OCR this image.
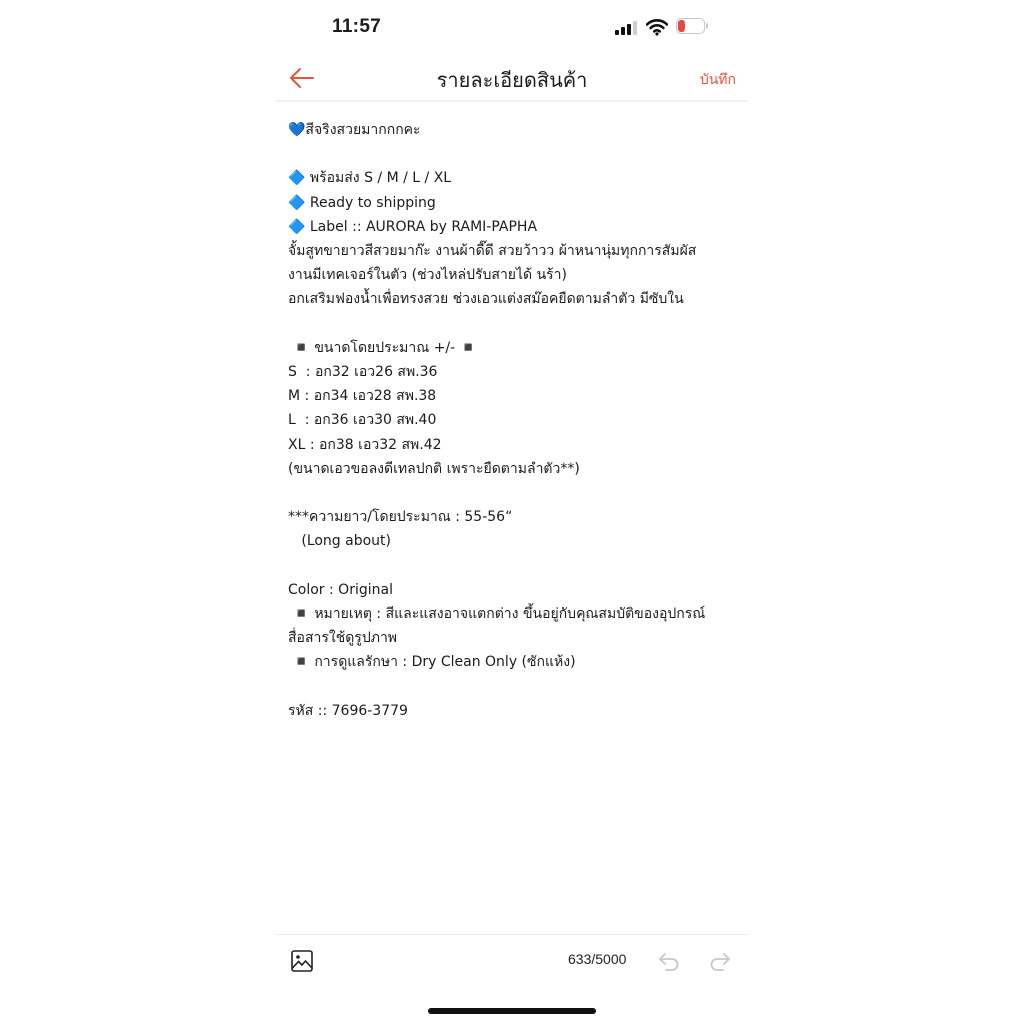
11:57	15
รายละเอียดสินค้า	บันทึก
💙สีจริงสวยมากกกคะ
🔷 พร้อมส่ง S / M / L / XL
🔷 Ready to shipping
🔷 Label :: AURORA by RAMI-PAPHA
จั้มสูทขายาวสีสวยมาก๊ะ งานผ้าดี๊ดี สวยว้าวว ผ้าหนานุ่มทุกการสัมผัส
งานมีเทคเจอร์ในตัว (ช่วงไหล่ปรับสายได้ นร้า)
อกเสริมฟองน้ำเพื่อทรงสวย ช่วงเอวแต่งสม๊อคยืดตามลำตัว มีซับใน
◾️ ขนาดโดยประมาณ +/- ◾️
S  : อก32 เอว26 สพ.36
M : อก34 เอว28 สพ.38
L  : อก36 เอว30 สพ.40
XL : อก38 เอว32 สพ.42
(ขนาดเอวขอลงดีเทลปกติ เพราะยืดตามลำตัว**)
***ความยาว/โดยประมาณ : 55-56“
(Long about)
Color : Original
◾️ หมายเหตุ : สีและแสงอาจแตกต่าง ขึ้นอยู่กับคุณสมบัติของอุปกรณ์
สื่อสารใช้ดูรูปภาพ
◾️ การดูแลรักษา : Dry Clean Only (ซักแห้ง)
รหัส :: 7696-3779
633/5000
